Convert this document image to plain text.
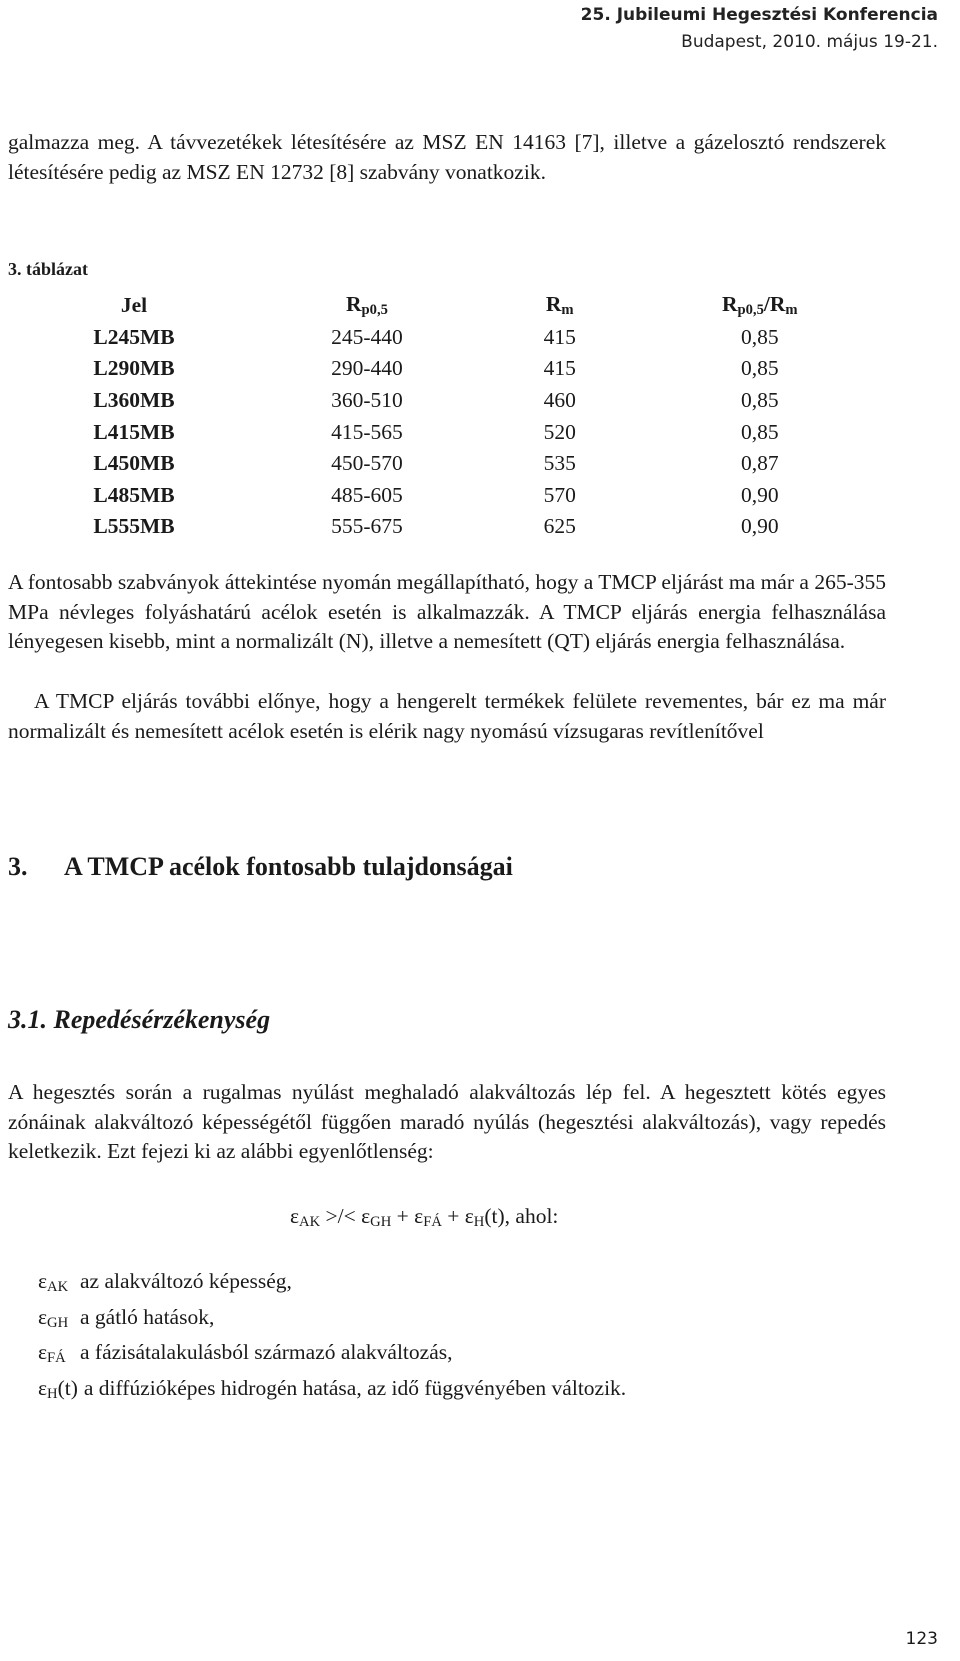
25. Jubileumi Hegesztési Konferencia
Budapest, 2010. május 19-21.

galmazza meg. A távvezetékek létesítésére az MSZ EN 14163 [7], illetve a gázelosztó rendszerek létesítésére pedig az MSZ EN 12732 [8] szabvány vonatkozik.

3. táblázat
Jel	$R_{p0,5}$	$R_m$	$R_{p0,5}/R_m$
L245MB	245-440	415	0,85
L290MB	290-440	415	0,85
L360MB	360-510	460	0,85
L415MB	415-565	520	0,85
L450MB	450-570	535	0,87
L485MB	485-605	570	0,90
L555MB	555-675	625	0,90

A fontosabb szabványok áttekintése nyomán megállapítható, hogy a TMCP eljárást ma már a 265-355 MPa névleges folyáshatárú acélok esetén is alkalmazzák. A TMCP eljárás energia felhasználása lényegesen kisebb, mint a normalizált (N), illetve a nemesített (QT) eljárás energia felhasználása.

A TMCP eljárás további előnye, hogy a hengerelt termékek felülete revementes, bár ez ma már normalizált és nemesített acélok esetén is elérik nagy nyomású vízsugaras revítlenítővel

3. A TMCP acélok fontosabb tulajdonságai
3.1. Repedésérzékenység

A hegesztés során a rugalmas nyúlást meghaladó alakváltozás lép fel. A hegesztett kötés egyes zónáinak alakváltozó képességétől függően maradó nyúlás (hegesztési alakváltozás), vagy repedés keletkezik. Ezt fejezi ki az alábbi egyenlőtlenség:

$\varepsilon_{AK}$ >/< $\varepsilon_{GH} + \varepsilon_{FÁ} + \varepsilon_H(t)$, ahol:
$\varepsilon_{AK}$ az alakváltozó képesség,
$\varepsilon_{GH}$ a gátló hatások,
$\varepsilon_{FÁ}$ a fázisátalakulásból származó alakváltozás,
$\varepsilon_H(t)$ a diffúzióképes hidrogén hatása, az idő függvényében változik.
123
